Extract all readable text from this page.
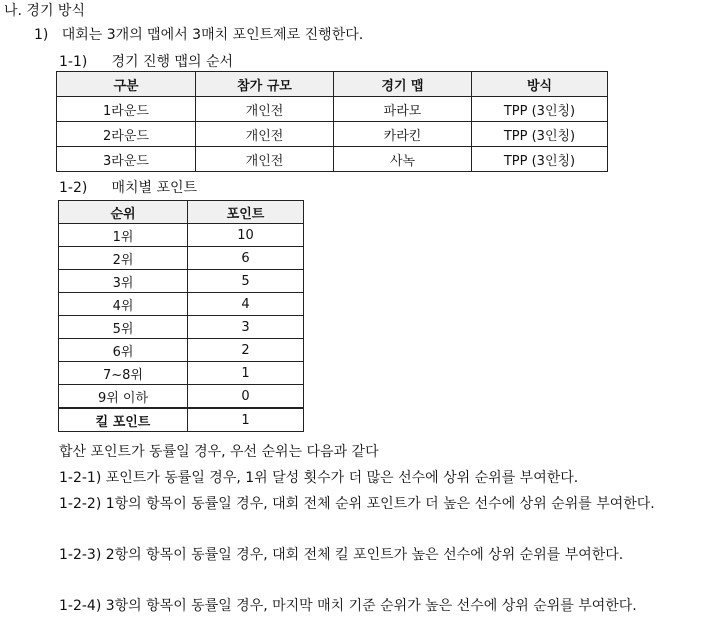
나. 경기 방식
1) 대회는 3개의 맵에서 3매치 포인트제로 진행한다.
1-1) 경기 진행 맵의 순서
구분	참가 규모	경기 맵	방식
1라운드	개인전	파라모	TPP (3인칭)
2라운드	개인전	카라킨	TPP (3인칭)
3라운드	개인전	사녹	TPP (3인칭)
1-2) 매치별 포인트
순위	포인트
1위	10
2위	6
3위	5
4위	4
5위	3
6위	2
7~8위	1
9위 이하	0
킬 포인트	1
합산 포인트가 동률일 경우, 우선 순위는 다음과 같다
1-2-1) 포인트가 동률일 경우, 1위 달성 횟수가 더 많은 선수에 상위 순위를 부여한다.
1-2-2) 1항의 항목이 동률일 경우, 대회 전체 순위 포인트가 더 높은 선수에 상위 순위를 부여한다.
1-2-3) 2항의 항목이 동률일 경우, 대회 전체 킬 포인트가 높은 선수에 상위 순위를 부여한다.
1-2-4) 3항의 항목이 동률일 경우, 마지막 매치 기준 순위가 높은 선수에 상위 순위를 부여한다.
